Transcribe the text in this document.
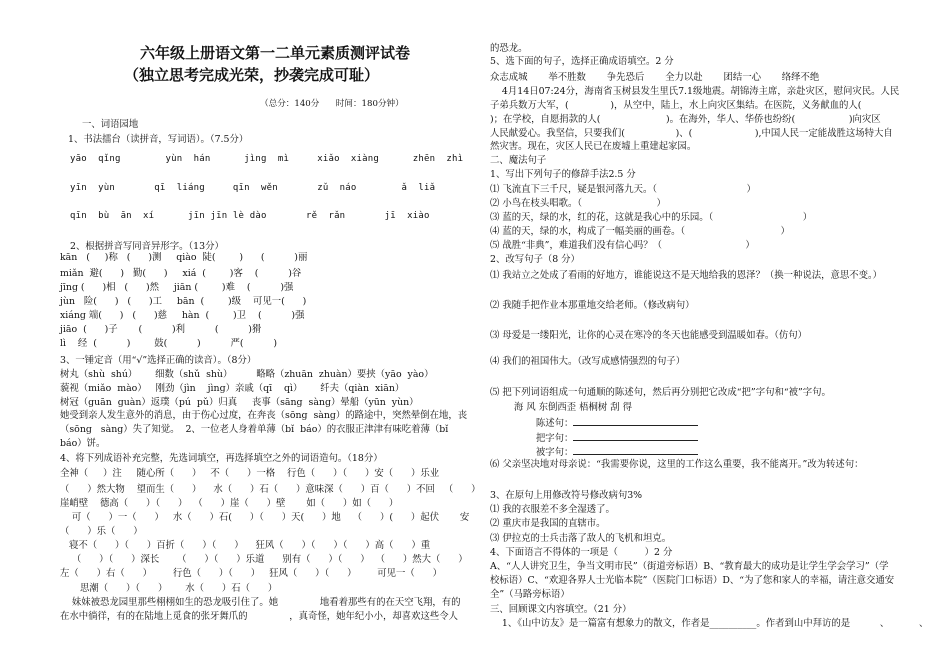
六年级上册语文第一二单元素质测评试卷
（独立思考完成光荣，抄袭完成可耻）
（总分：140分      时间：180分钟）
一、词语园地
1、书法擂台（读拼音，写词语）。（7.5分）
yāo  qǐng        yùn  hán      jìng  mì     xiǎo  xiàng      zhēn  zhì
yīn  yùn       qī  liáng     qīn  wěn       zǔ  náo        ǎ  liǎ
qīn  bù  ān  xí      jīn jīn lè dào       rě  rǎn       jī  xiào
2、根据拼音写同音异形字。（13分）
kān   (     )称   (      )测     qiào  陡(        )      (          )丽
miǎn  避(      )   勤(      )     xiá  (        )客    (          )谷
jīng (      )相   (      )然     jiān (        )难    (          )强
jùn   险(      )   (      )工     bān  (        )级    可见一(      )
xiáng 端(      )   (      )慈     hàn  (        )卫    (          )强
jiāo  (      )子       (          )利          (          )猾
lì    经  (          )        鼓(          )          严(          )
3、一锤定音（用“√”选择正确的读音）。（8分）
树丸（shù  shú）      细数（shǔ  shù）        略略（zhuān  zhuàn）要挟（yāo  yào）
藐视（miǎo  mào）   刚劲（jìn    jìng）亲戚（qī    qì）      纤夫（qiàn  xiān）
树冠（guān  guàn）返璞（pú  pǔ）归真     丧事（sāng  sàng）晕船（yūn  yùn）
她受到亲人发生意外的消息，由于伤心过度，在奔丧（sōng  sàng）的路途中，突然晕倒在地，丧
（sōng   sàng）失了知觉。  2、一位老人身着单薄（bǐ  báo）的衣服正津津有味吃着薄（bǐ
báo）饼。
4、将下列成语补充完整，先选词填空，再选择填空之外的词语造句。（18分）
全神（     ）注     随心所（      ）   不（      ）一格    行色（      ）（      ）安（      ）乐业
（      ）然大物    望而生（      ）    水（      ）石（      ）意味深（      ）百（      ）不回   （      ）
崖峭壁    德高（      ）（      ）  （      ）崖（      ）壁       如（      ）如（      ）
可（      ）一（      ）   水（      ）石(      ）（      ）天(      ）地    （      ）(      ）起伏       安
（      ）乐（      ）
寝不（      ）（      ）百折（      ）（      ）    狂风（      ）（      ）（      ）高（      ）重
（      ）（      ）深长      （      ）（      ）乐道      别有（      ）（      ）  （      ）然大（      ）
左（      ）右（      ）       行色（      ）（      ）   狂风（      ）（      ）       可见一（      ）
思潮（      ）（      ）      水（      ）石（      ）
妹妹被恐龙园里那些栩栩如生的恐龙吸引住了。她              地看着那些有的在天空飞翔，有的
在水中徜徉，有的在陆地上觅食的张牙舞爪的              ，真奇怪，她年纪小小，却喜欢这些令人
的恐龙。
5、选下面的句子，选择正确成语填空。2 分
众志成城       举不胜数       争先恐后       全力以赴       团结一心       络绎不绝
4月14日07:24分，海南省玉树县发生里氏7.1级地震。胡锦涛主席，亲赴灾区，慰问灾民。人民
子弟兵数万大军，(              )，从空中，陆上，水上向灾区集结。在医院，义务献血的人(
)；在学校，自愿捐款的人(                      )。在海外，华人、华侨也纷纷(                  )向灾区
人民献爱心。我坚信，只要我们(                 )、(                     ),中国人民一定能战胜这场特大自
然灾害。现在，灾区人民已在废墟上重建起家园。
二、魔法句子
1、写出下列句子的修辞手法2.5 分
⑴ 飞流直下三千尺，疑是银河落九天。（                              ）
⑵ 小鸟在枝头唱歌。（                         ）
⑶ 蓝的天，绿的水，红的花，这就是我心中的乐园。（                              ）
⑷ 蓝的天，绿的水，构成了一幅美丽的画卷。（                                ）
⑸ 战胜“非典”，难道我们没有信心吗？（                            ）
2、改写句子（8 分）
⑴ 我站立之处成了看雨的好地方，谁能说这不是天地给我的恩泽？（换一种说法，意思不变。）
⑵ 我随手把作业本那重地交给老师。（修改病句）
⑶ 母爱是一缕阳光，让你的心灵在寒冷的冬天也能感受到温暖如春。（仿句）
⑷ 我们的祖国伟大。（改写成感情强烈的句子）
⑸ 把下列词语组成一句通顺的陈述句，然后再分别把它改成“把”字句和“被”字句。
海 风 东倒西歪 梧桐树 刮 得
陈述句：
把字句：
被字句：
⑹ 父亲坚决地对母亲说：“我需要你说，这里的工作这么重要，我不能离开。”改为转述句：
3、在原句上用修改符号修改病句3%
⑴ 我的衣服差不多全湿透了。
⑵ 重庆市是我国的直辖市。
⑶ 伊拉克的士兵击落了敌人的飞机和坦克。
4、下面语言不得体的一项是（         ）2 分
A、“人人讲究卫生，争当文明市民”（街道旁标语）B、“教育最大的成功是让学生学会学习”（学
校标语）C、“欢迎各界人士光临本院”（医院门口标语）D、“为了您和家人的幸福，请注意交通安
全”（马路旁标语）
三、回顾课文内容填空。（21 分）
1、《山中访友》是一篇富有想象力的散文，作者是__________。作者到山中拜访的是          、          、
